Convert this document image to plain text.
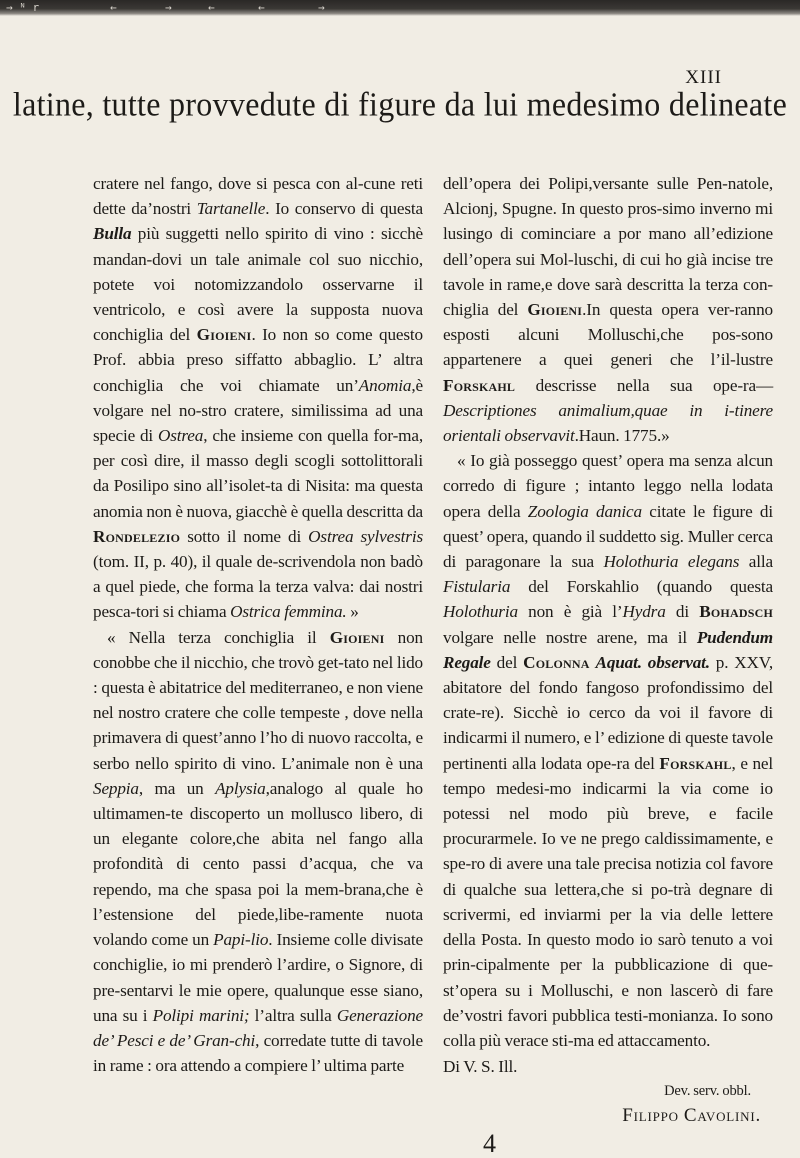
→ ᴺ r	←	→	←	←	→
XIII
latine, tutte provvedute di figure da lui medesimo delineate

cratere nel fango, dove si pesca con al-cune reti dette da’nostri Tartanelle. Io conservo di questa Bulla più suggetti nello spirito di vino : sicchè mandan-dovi un tale animale col suo nicchio, potete voi notomizzandolo osservarne il ventricolo, e così avere la supposta nuova conchiglia del Gioieni. Io non so come questo Prof. abbia preso siffatto abbaglio. L’ altra conchiglia che voi chiamate un’Anomia,è volgare nel no-stro cratere, similissima ad una specie di Ostrea, che insieme con quella for-ma, per così dire, il masso degli scogli sottolittorali da Posilipo sino all’isolet-ta di Nisita: ma questa anomia non è nuova, giacchè è quella descritta da Rondelezio sotto il nome di Ostrea sylvestris (tom. II, p. 40), il quale de-scrivendola non badò a quel piede, che forma la terza valva: dai nostri pesca-tori si chiama Ostrica femmina. »

« Nella terza conchiglia il Gioieni non conobbe che il nicchio, che trovò get-tato nel lido : questa è abitatrice del mediterraneo, e non viene nel nostro cratere che colle tempeste , dove nella primavera di quest’anno l’ho di nuovo raccolta, e serbo nello spirito di vino. L’animale non è una Seppia, ma un Aplysia,analogo al quale ho ultimamen-te discoperto un mollusco libero, di un elegante colore,che abita nel fango alla profondità di cento passi d’acqua, che va rependo, ma che spasa poi la mem-brana,che è l’estensione del piede,libe-ramente nuota volando come un Papi-lio. Insieme colle divisate conchiglie, io mi prenderò l’ardire, o Signore, di pre-sentarvi le mie opere, qualunque esse siano, una su i Polipi marini; l’altra sulla Generazione de’ Pesci e de’ Gran-chi, corredate tutte di tavole in rame : ora attendo a compiere l’ ultima parte

dell’opera dei Polipi,versante sulle Pen-natole, Alcionj, Spugne. In questo pros-simo inverno mi lusingo di cominciare a por mano all’edizione dell’opera sui Mol-luschi, di cui ho già incise tre tavole in rame,e dove sarà descritta la terza con-chiglia del Gioieni.In questa opera ver-ranno esposti alcuni Molluschi,che pos-sono appartenere a quei generi che l’il-lustre Forskahl descrisse nella sua ope-ra—Descriptiones animalium,quae in i-tinere orientali observavit.Haun. 1775.»

« Io già posseggo quest’ opera ma senza alcun corredo di figure ; intanto leggo nella lodata opera della Zoologia danica citate le figure di quest’ opera, quando il suddetto sig. Muller cerca di paragonare la sua Holothuria elegans alla Fistularia del Forskahlio (quando questa Holothuria non è già l’Hydra di Bohadsch volgare nelle nostre arene, ma il Pudendum Regale del Colonna Aquat. observat. p. XXV, abitatore del fondo fangoso profondissimo del crate-re). Sicchè io cerco da voi il favore di indicarmi il numero, e l’ edizione di queste tavole pertinenti alla lodata ope-ra del Forskahl, e nel tempo medesi-mo indicarmi la via come io potessi nel modo più breve, e facile procurarmele. Io ve ne prego caldissimamente, e spe-ro di avere una tale precisa notizia col favore di qualche sua lettera,che si po-trà degnare di scrivermi, ed inviarmi per la via delle lettere della Posta. In questo modo io sarò tenuto a voi prin-cipalmente per la pubblicazione di que-st’opera su i Molluschi, e non lascerò di fare de’vostri favori pubblica testi-monianza. Io sono colla più verace sti-ma ed attaccamento.

Di V. S. Ill.

Dev. serv. obbl.

Filippo Cavolini.

4
